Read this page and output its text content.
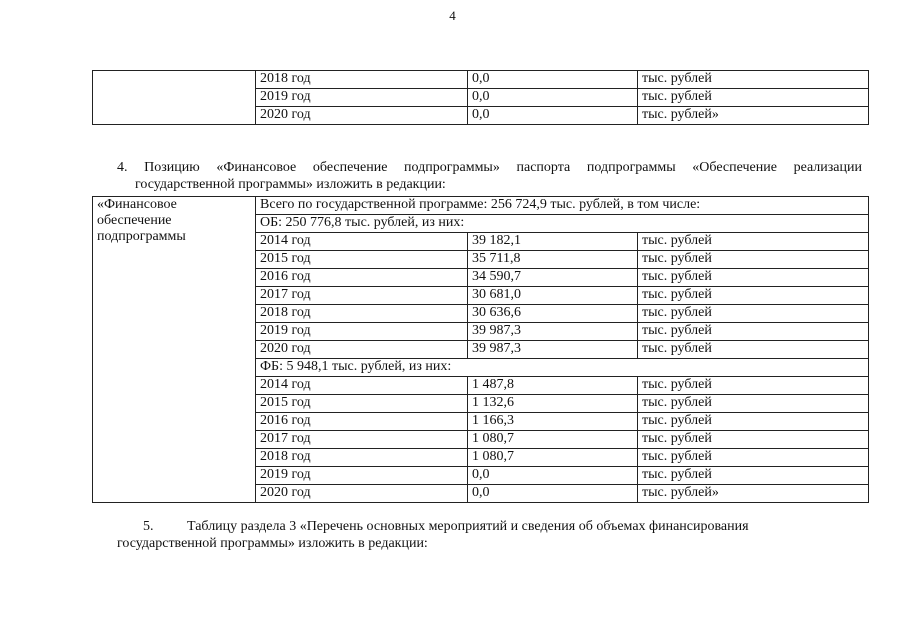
4
	2018 год	0,0	тыс. рублей
	2019 год	0,0	тыс. рублей
	2020 год	0,0	тыс. рублей»
4. Позицию «Финансовое обеспечение подпрограммы» паспорта подпрограммы «Обеспечение реализации
государственной программы» изложить в редакции:
«Финансовое
обеспечение
подпрограммы	Всего по государственной программе: 256 724,9 тыс. рублей, в том числе:		
	ОБ: 250 776,8 тыс. рублей, из них:		
	2014 год	39 182,1	тыс. рублей
	2015 год	35 711,8	тыс. рублей
	2016 год	34 590,7	тыс. рублей
	2017 год	30 681,0	тыс. рублей
	2018 год	30 636,6	тыс. рублей
	2019 год	39 987,3	тыс. рублей
	2020 год	39 987,3	тыс. рублей
	ФБ: 5 948,1 тыс. рублей, из них:		
	2014 год	1 487,8	тыс. рублей
	2015 год	1 132,6	тыс. рублей
	2016 год	1 166,3	тыс. рублей
	2017 год	1 080,7	тыс. рублей
	2018 год	1 080,7	тыс. рублей
	2019 год	0,0	тыс. рублей
	2020 год	0,0	тыс. рублей»
5. Таблицу раздела 3 «Перечень основных мероприятий и сведения об объемах финансирования
государственной программы» изложить в редакции:
